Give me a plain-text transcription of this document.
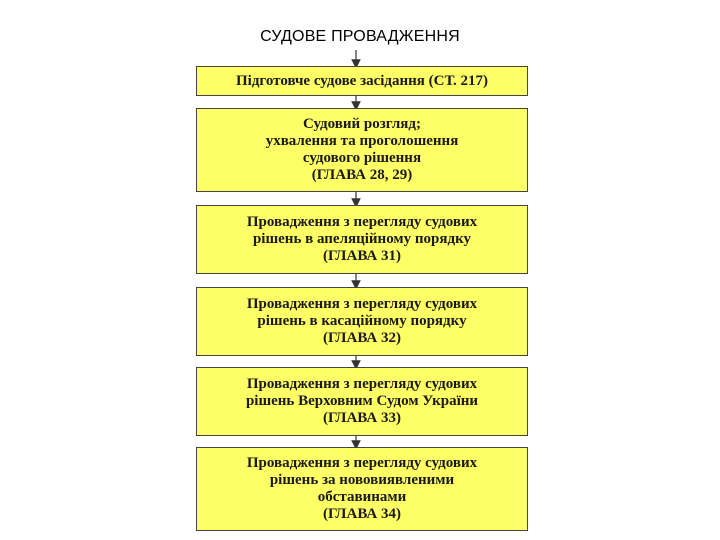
СУДОВЕ ПРОВАДЖЕННЯ
Підготовче судове засідання (СТ. 217)
Судовий розгляд;
ухвалення та проголошення
судового рішення
(ГЛАВА 28, 29)
Провадження з перегляду судових
рішень в апеляційному порядку
(ГЛАВА 31)
Провадження з перегляду судових
рішень в касаційному порядку
(ГЛАВА 32)
Провадження з перегляду судових
рішень Верховним Судом України
(ГЛАВА 33)
Провадження з перегляду судових
рішень за нововиявленими
обставинами
(ГЛАВА 34)
